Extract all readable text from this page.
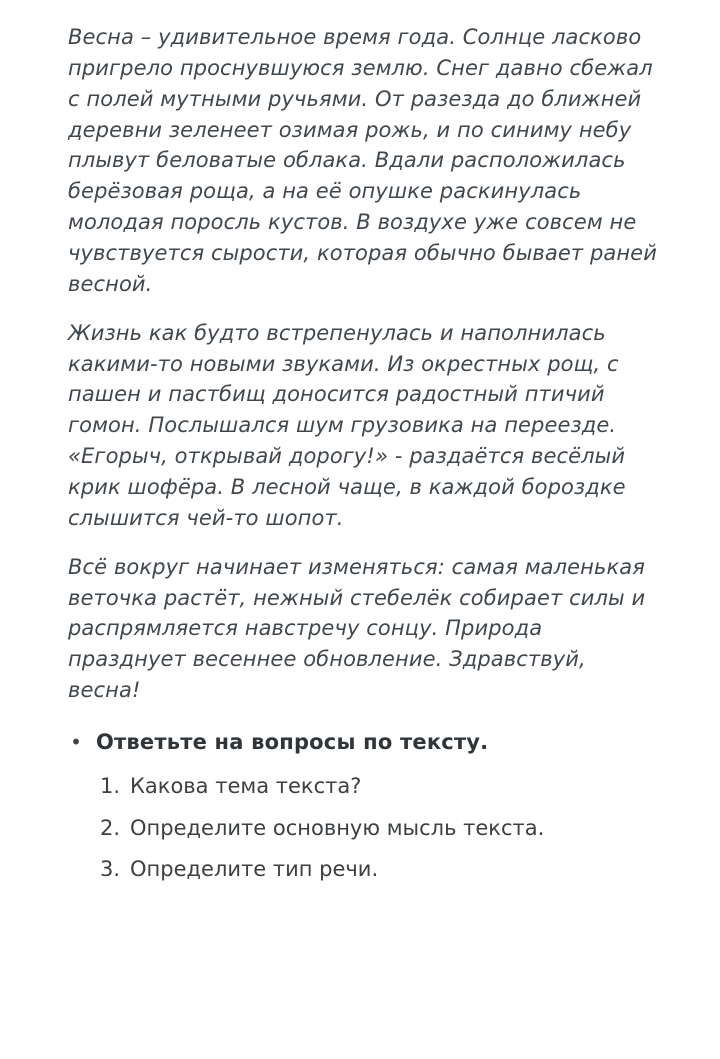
Весна – удивительное время года. Солнце ласково пригрело проснувшуюся землю. Снег давно сбежал с полей мутными ручьями. От разезда до ближней деревни зеленеет озимая рожь, и по синиму небу плывут беловатые облака. Вдали расположилась берёзовая роща, а на её опушке раскинулась молодая поросль кустов. В воздухе уже совсем не чувствуется сырости, которая обычно бывает раней весной.

Жизнь как будто встрепенулась и наполнилась какими-то новыми звуками. Из окрестных рощ, с пашен и пастбищ доносится радостный птичий гомон. Послышался шум грузовика на переезде. «Егорыч, открывай дорогу!» - раздаётся весёлый крик шофёра. В лесной чаще, в каждой бороздке слышится чей-то шопот.

Всё вокруг начинает изменяться: самая маленькая веточка растёт, нежный стебелёк собирает силы и распрямляется навстречу сонцу. Природа празднует весеннее обновление. Здравствуй, весна!

• Ответьте на вопросы по тексту.
1. Какова тема текста?
2. Определите основную мысль текста.
3. Определите тип речи.
